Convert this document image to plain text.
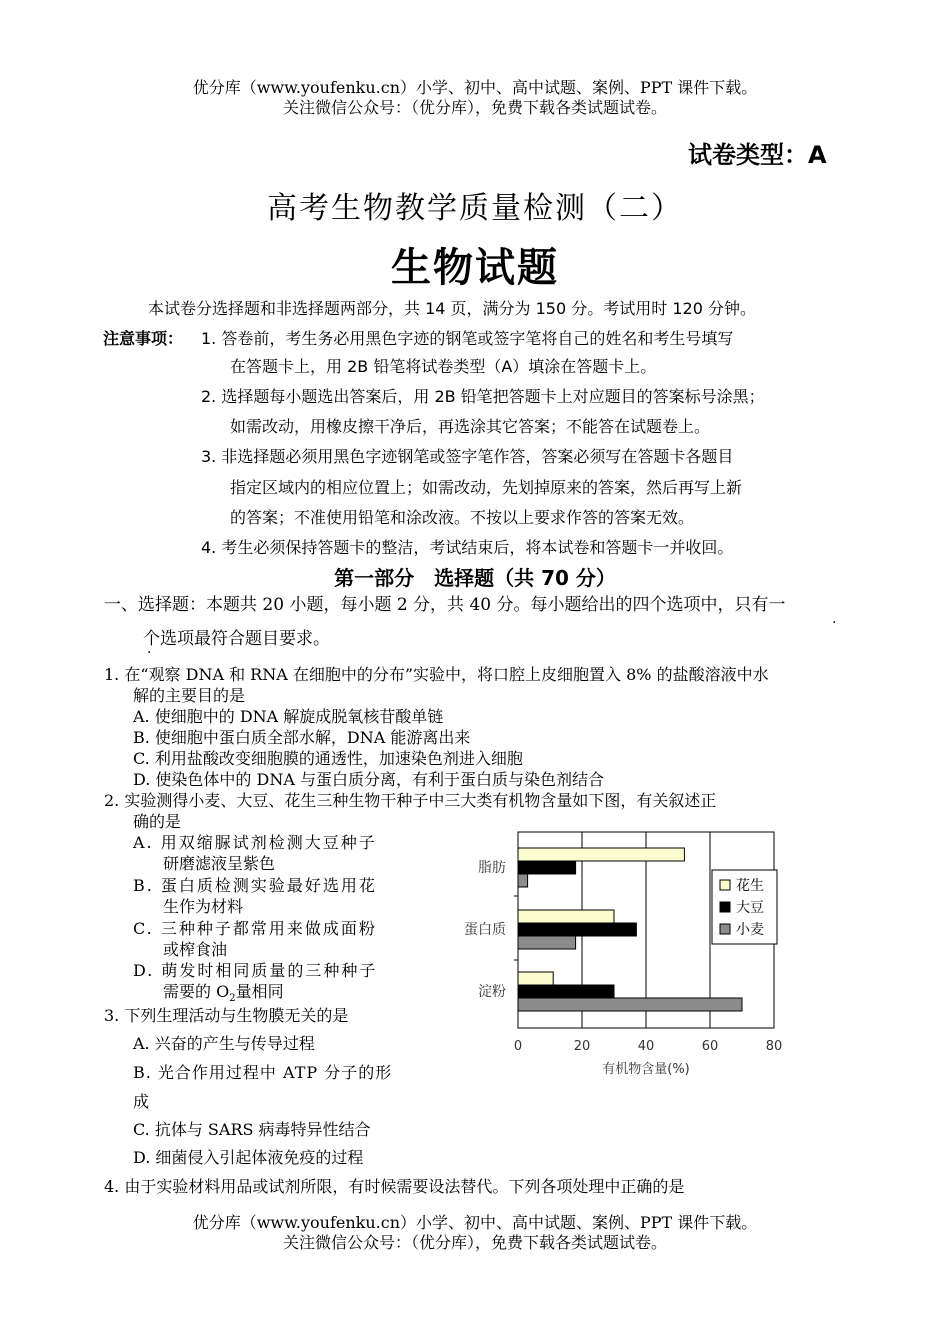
优分库（www.youfenku.cn）小学、初中、高中试题、案例、PPT 课件下载。
关注微信公众号：（优分库），免费下载各类试题试卷。
试卷类型：A
高考生物教学质量检测（二）
生物试题
本试卷分选择题和非选择题两部分，共 14 页，满分为 150 分。考试用时 120 分钟。
注意事项： 1. 答卷前，考生务必用黑色字迹的钢笔或签字笔将自己的姓名和考生号填写
在答题卡上，用 2B 铅笔将试卷类型（A）填涂在答题卡上。
2. 选择题每小题选出答案后，用 2B 铅笔把答题卡上对应题目的答案标号涂黑；
如需改动，用橡皮擦干净后，再选涂其它答案；不能答在试题卷上。
3. 非选择题必须用黑色字迹钢笔或签字笔作答，答案必须写在答题卡各题目
指定区域内的相应位置上；如需改动，先划掉原来的答案，然后再写上新
的答案；不准使用铅笔和涂改液。不按以上要求作答的答案无效。
4. 考生必须保持答题卡的整洁，考试结束后，将本试卷和答题卡一并收回。
第一部分　选择题（共 70 分）
一、选择题：本题共 20 小题，每小题 2 分，共 40 分。每小题给出的四个选项中，只有一
·
个选项最符合题目要求。
·
1. 在“观察 DNA 和 RNA 在细胞中的分布”实验中，将口腔上皮细胞置入 8% 的盐酸溶液中水
解的主要目的是
A. 使细胞中的 DNA 解旋成脱氧核苷酸单链
B. 使细胞中蛋白质全部水解，DNA 能游离出来
C. 利用盐酸改变细胞膜的通透性，加速染色剂进入细胞
D. 使染色体中的 DNA 与蛋白质分离，有利于蛋白质与染色剂结合
2. 实验测得小麦、大豆、花生三种生物干种子中三大类有机物含量如下图，有关叙述正
确的是
A. 用双缩脲试剂检测大豆种子
研磨滤液呈紫色
B. 蛋白质检测实验最好选用花
生作为材料
C. 三种种子都常用来做成面粉
或榨食油
D. 萌发时相同质量的三种种子
需要的 $O_2$量相同
3. 下列生理活动与生物膜无关的是
A. 兴奋的产生与传导过程
B. 光合作用过程中 ATP 分子的形
成
C. 抗体与 SARS 病毒特异性结合
D. 细菌侵入引起体液免疫的过程
4. 由于实验材料用品或试剂所限，有时候需要设法替代。下列各项处理中正确的是
优分库（www.youfenku.cn）小学、初中、高中试题、案例、PPT 课件下载。
关注微信公众号：（优分库），免费下载各类试题试卷。
脂肪
蛋白质
淀粉
0	20	40	60	80
有机物含量(%)
花生
大豆
小麦
